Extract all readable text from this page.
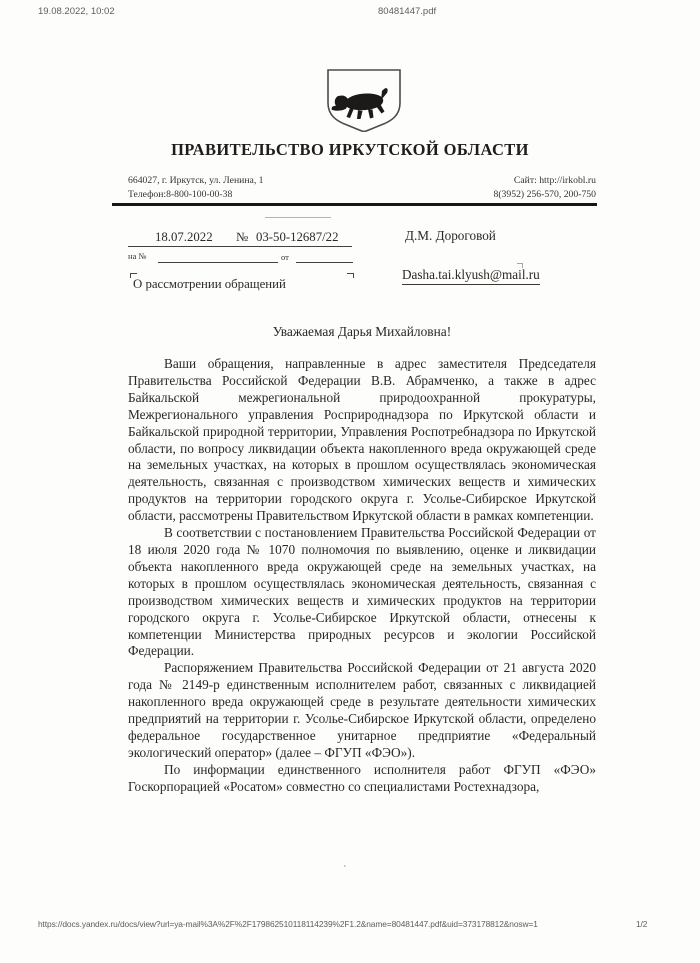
19.08.2022, 10:02	80481447.pdf
ПРАВИТЕЛЬСТВО ИРКУТСКОЙ ОБЛАСТИ
664027, г. Иркутск, ул. Ленина, 1
Телефон:8-800-100-00-38
Сайт: http://irkobl.ru
8(3952) 256-570, 200-750
18.07.2022 № 03-50-12687/22
на №	от
О рассмотрении обращений
Д.М. Дороговой
Dasha.tai.klyush@mail.ru
Уважаемая Дарья Михайловна!

Ваши обращения, направленные в адрес заместителя Председателя Правительства Российской Федерации В.В. Абрамченко, а также в адрес Байкальской межрегиональной природоохранной прокуратуры, Межрегионального управления Росприроднадзора по Иркутской области и Байкальской природной территории, Управления Роспотребнадзора по Иркутской области, по вопросу ликвидации объекта накопленного вреда окружающей среде на земельных участках, на которых в прошлом осуществлялась экономическая деятельность, связанная с производством химических веществ и химических продуктов на территории городского округа г. Усолье-Сибирское Иркутской области, рассмотрены Правительством Иркутской области в рамках компетенции.

В соответствии с постановлением Правительства Российской Федерации от 18 июля 2020 года № 1070 полномочия по выявлению, оценке и ликвидации объекта накопленного вреда окружающей среде на земельных участках, на которых в прошлом осуществлялась экономическая деятельность, связанная с производством химических веществ и химических продуктов на территории городского округа г. Усолье-Сибирское Иркутской области, отнесены к компетенции Министерства природных ресурсов и экологии Российской Федерации.

Распоряжением Правительства Российской Федерации от 21 августа 2020 года № 2149-р единственным исполнителем работ, связанных с ликвидацией накопленного вреда окружающей среде в результате деятельности химических предприятий на территории г. Усолье-Сибирское Иркутской области, определено федеральное государственное унитарное предприятие «Федеральный экологический оператор» (далее – ФГУП «ФЭО»).

По информации единственного исполнителя работ ФГУП «ФЭО» Госкорпорацией «Росатом» совместно со специалистами Ростехнадзора,

`
https://docs.yandex.ru/docs/view?url=ya-mail%3A%2F%2F179862510118114239%2F1.2&name=80481447.pdf&uid=373178812&nosw=1	1/2
